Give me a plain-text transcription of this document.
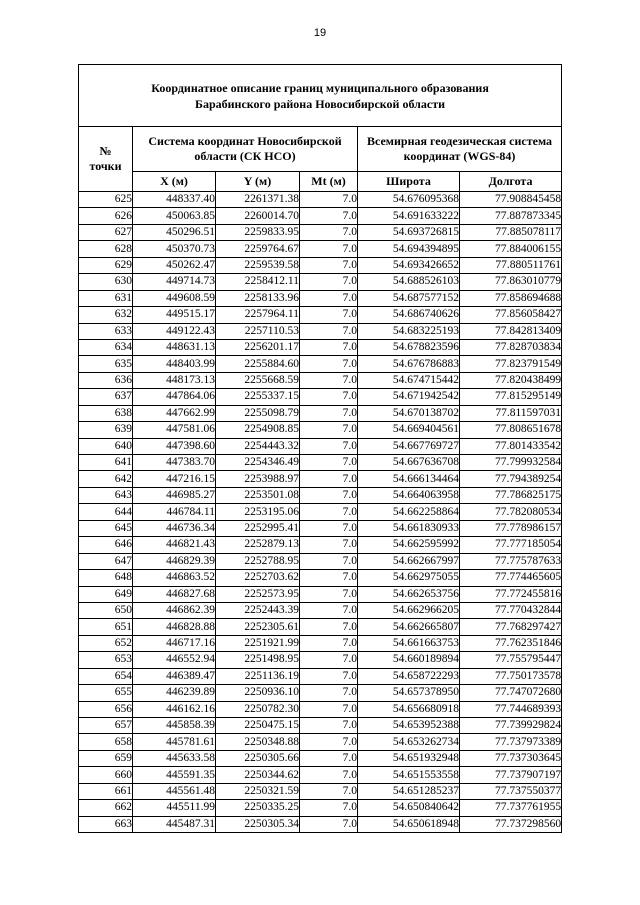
19
Координатное описание границ муниципального образования
Барабинского района Новосибирской области					

№
точки	Система координат Новосибирской области (СК НСО)			Всемирная геодезическая система координат (WGS-84)	
	X (м)	Y (м)	Mt (м)	Широта	Долгота
625	448337.40	2261371.38	7.0	54.676095368	77.908845458
626	450063.85	2260014.70	7.0	54.691633222	77.887873345
627	450296.51	2259833.95	7.0	54.693726815	77.885078117
628	450370.73	2259764.67	7.0	54.694394895	77.884006155
629	450262.47	2259539.58	7.0	54.693426652	77.880511761
630	449714.73	2258412.11	7.0	54.688526103	77.863010779
631	449608.59	2258133.96	7.0	54.687577152	77.858694688
632	449515.17	2257964.11	7.0	54.686740626	77.856058427
633	449122.43	2257110.53	7.0	54.683225193	77.842813409
634	448631.13	2256201.17	7.0	54.678823596	77.828703834
635	448403.99	2255884.60	7.0	54.676786883	77.823791549
636	448173.13	2255668.59	7.0	54.674715442	77.820438499
637	447864.06	2255337.15	7.0	54.671942542	77.815295149
638	447662.99	2255098.79	7.0	54.670138702	77.811597031
639	447581.06	2254908.85	7.0	54.669404561	77.808651678
640	447398.60	2254443.32	7.0	54.667769727	77.801433542
641	447383.70	2254346.49	7.0	54.667636708	77.799932584
642	447216.15	2253988.97	7.0	54.666134464	77.794389254
643	446985.27	2253501.08	7.0	54.664063958	77.786825175
644	446784.11	2253195.06	7.0	54.662258864	77.782080534
645	446736.34	2252995.41	7.0	54.661830933	77.778986157
646	446821.43	2252879.13	7.0	54.662595992	77.777185054
647	446829.39	2252788.95	7.0	54.662667997	77.775787633
648	446863.52	2252703.62	7.0	54.662975055	77.774465605
649	446827.68	2252573.95	7.0	54.662653756	77.772455816
650	446862.39	2252443.39	7.0	54.662966205	77.770432844
651	446828.88	2252305.61	7.0	54.662665807	77.768297427
652	446717.16	2251921.99	7.0	54.661663753	77.762351846
653	446552.94	2251498.95	7.0	54.660189894	77.755795447
654	446389.47	2251136.19	7.0	54.658722293	77.750173578
655	446239.89	2250936.10	7.0	54.657378950	77.747072680
656	446162.16	2250782.30	7.0	54.656680918	77.744689393
657	445858.39	2250475.15	7.0	54.653952388	77.739929824
658	445781.61	2250348.88	7.0	54.653262734	77.737973389
659	445633.58	2250305.66	7.0	54.651932948	77.737303645
660	445591.35	2250344.62	7.0	54.651553558	77.737907197
661	445561.48	2250321.59	7.0	54.651285237	77.737550377
662	445511.99	2250335.25	7.0	54.650840642	77.737761955
663	445487.31	2250305.34	7.0	54.650618948	77.737298560
